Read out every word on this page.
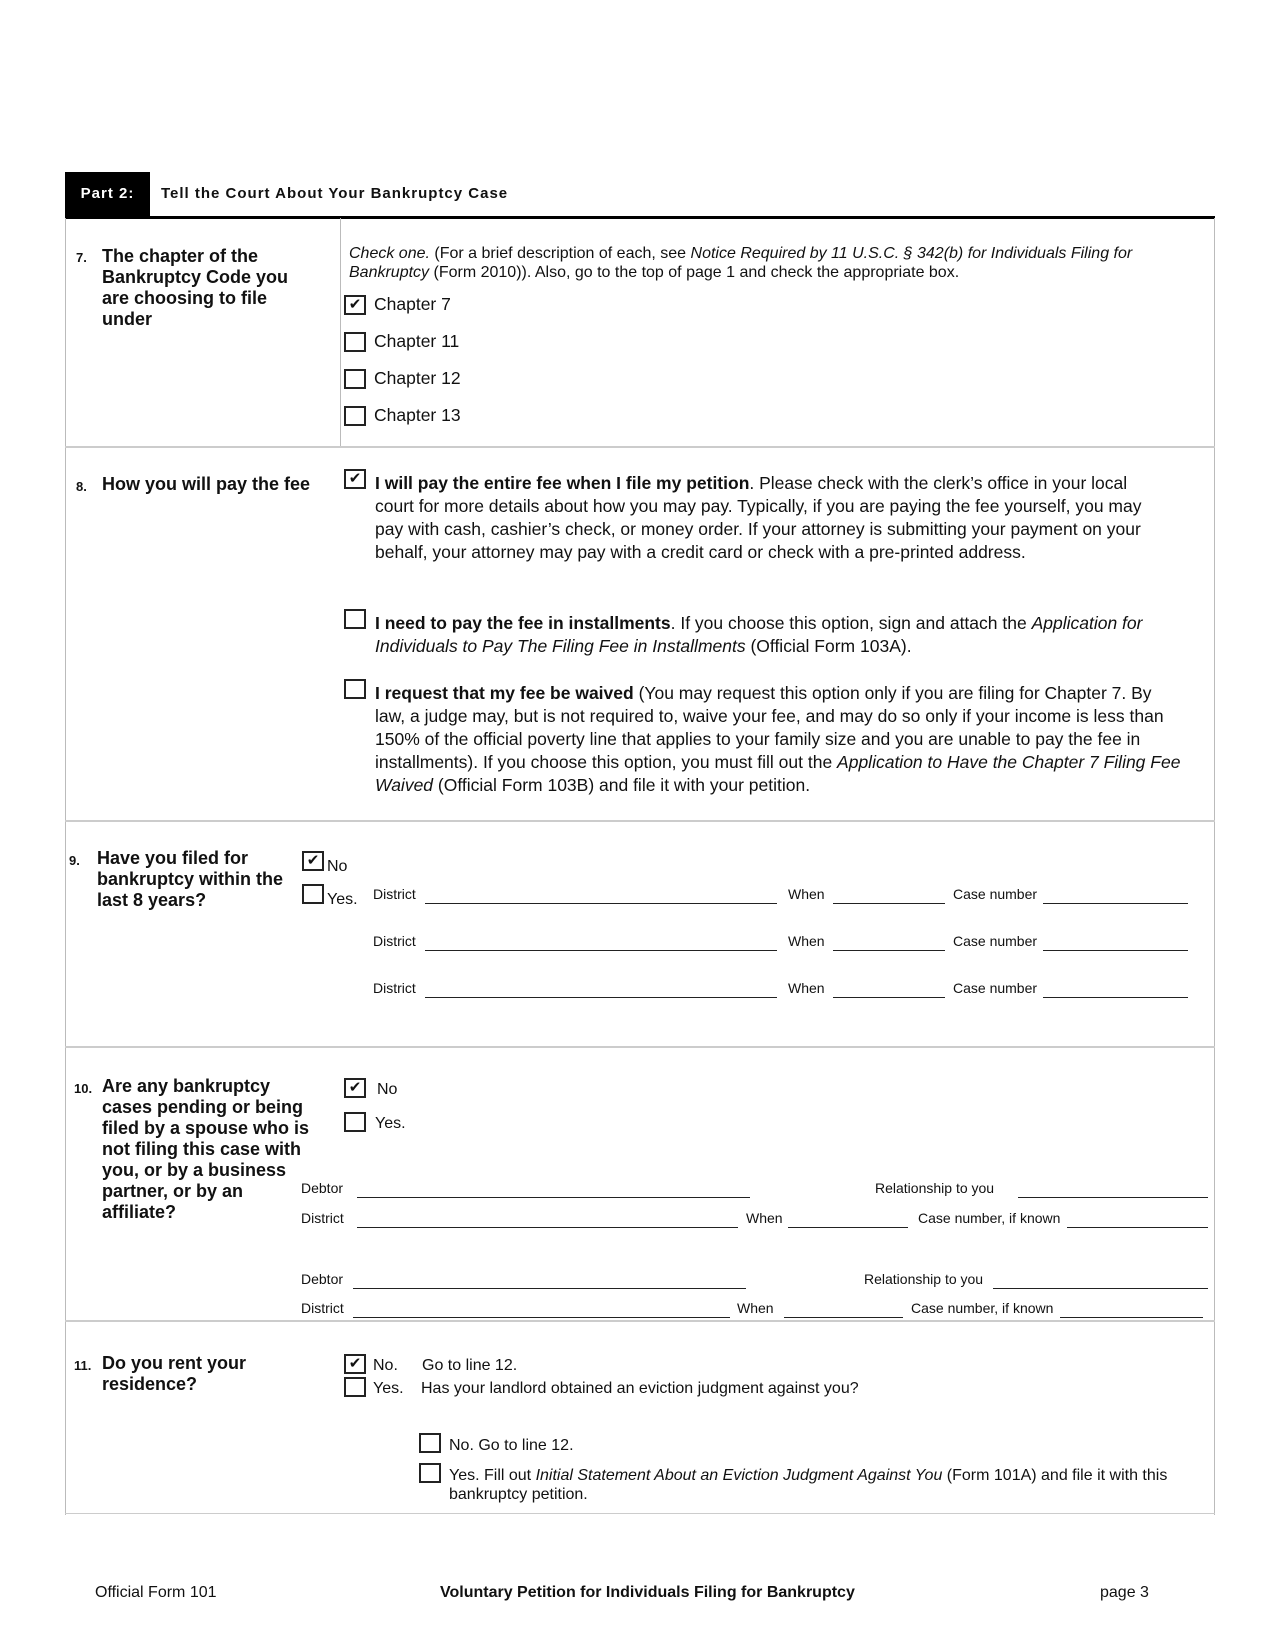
Part 2:	Tell the Court About Your Bankruptcy Case
7. The chapter of the Bankruptcy Code you are choosing to file under
Check one. (For a brief description of each, see Notice Required by 11 U.S.C. § 342(b) for Individuals Filing for Bankruptcy (Form 2010)). Also, go to the top of page 1 and check the appropriate box.
✔ Chapter 7
Chapter 11
Chapter 12
Chapter 13
8. How you will pay the fee	✔ I will pay the entire fee when I file my petition. Please check with the clerk’s office in your local court for more details about how you may pay. Typically, if you are paying the fee yourself, you may pay with cash, cashier’s check, or money order. If your attorney is submitting your payment on your behalf, your attorney may pay with a credit card or check with a pre-printed address.
I need to pay the fee in installments. If you choose this option, sign and attach the Application for Individuals to Pay The Filing Fee in Installments (Official Form 103A).
I request that my fee be waived (You may request this option only if you are filing for Chapter 7. By law, a judge may, but is not required to, waive your fee, and may do so only if your income is less than 150% of the official poverty line that applies to your family size and you are unable to pay the fee in installments). If you choose this option, you must fill out the Application to Have the Chapter 7 Filing Fee Waived (Official Form 103B) and file it with your petition.
9. Have you filed for bankruptcy within the last 8 years?
✔ No
Yes. District	When	Case number
District	When	Case number
District	When	Case number
10. Are any bankruptcy cases pending or being filed by a spouse who is not filing this case with you, or by a business partner, or by an affiliate?
✔ No
Yes.
Debtor	Relationship to you
District	When	Case number, if known
Debtor	Relationship to you
District	When	Case number, if known
11. Do you rent your residence?
✔ No. Go to line 12.
Yes. Has your landlord obtained an eviction judgment against you?
No. Go to line 12.
Yes. Fill out Initial Statement About an Eviction Judgment Against You (Form 101A) and file it with this bankruptcy petition.
Official Form 101	Voluntary Petition for Individuals Filing for Bankruptcy	page 3
